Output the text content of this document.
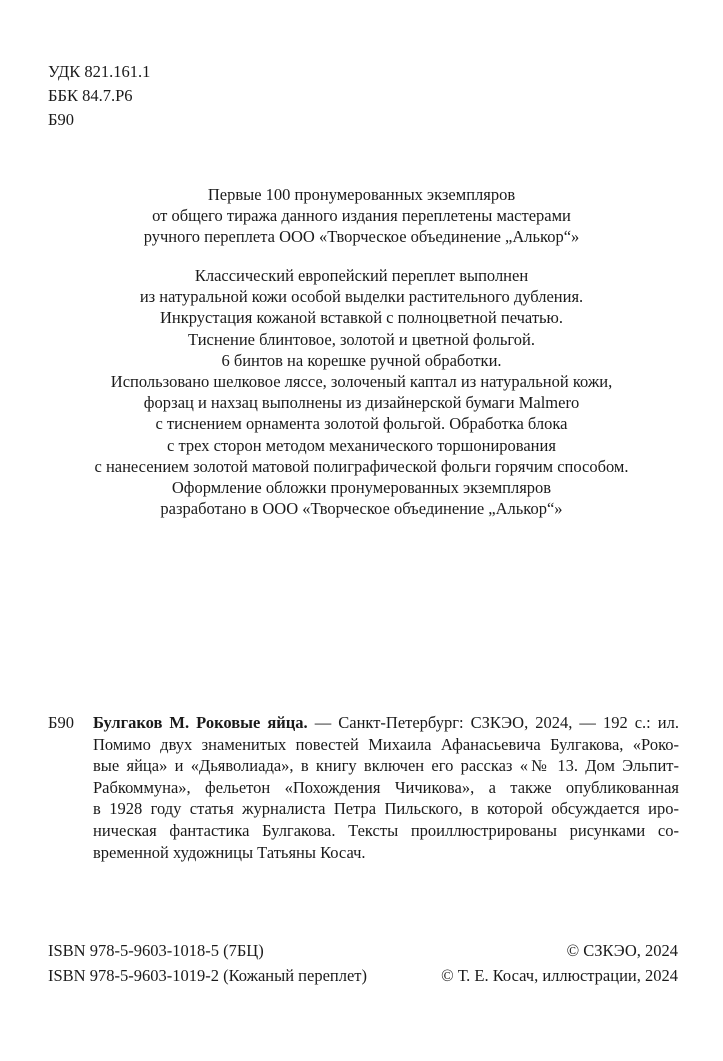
УДК 821.161.1
ББК 84.7.Р6
Б90
Первые 100 пронумерованных экземпляров
от общего тиража данного издания переплетены мастерами
ручного переплета ООО «Творческое объединение „Алькор“»
Классический европейский переплет выполнен
из натуральной кожи особой выделки растительного дубления.
Инкрустация кожаной вставкой с полноцветной печатью.
Тиснение блинтовое, золотой и цветной фольгой.
6 бинтов на корешке ручной обработки.
Использовано шелковое ляссе, золоченый каптал из натуральной кожи,
форзац и нахзац выполнены из дизайнерской бумаги Malmero
с тиснением орнамента золотой фольгой. Обработка блока
с трех сторон методом механического торшонирования
с нанесением золотой матовой полиграфической фольги горячим способом.
Оформление обложки пронумерованных экземпляров
разработано в ООО «Творческое объединение „Алькор“»
Б90 Булгаков М. Роковые яйца. — Санкт-Петербург: СЗКЭО, 2024, — 192 с.: ил.
Помимо двух знаменитых повестей Михаила Афанасьевича Булгакова, «Роко-
вые яйца» и «Дьяволиада», в книгу включен его рассказ «№ 13. Дом Эльпит-
Рабкоммуна», фельетон «Похождения Чичикова», а также опубликованная
в 1928 году статья журналиста Петра Пильского, в которой обсуждается иро-
ническая фантастика Булгакова. Тексты проиллюстрированы рисунками со-
временной художницы Татьяны Косач.
ISBN 978-5-9603-1018-5 (7БЦ)
ISBN 978-5-9603-1019-2 (Кожаный переплет)
© СЗКЭО, 2024
© Т. Е. Косач, иллюстрации, 2024
